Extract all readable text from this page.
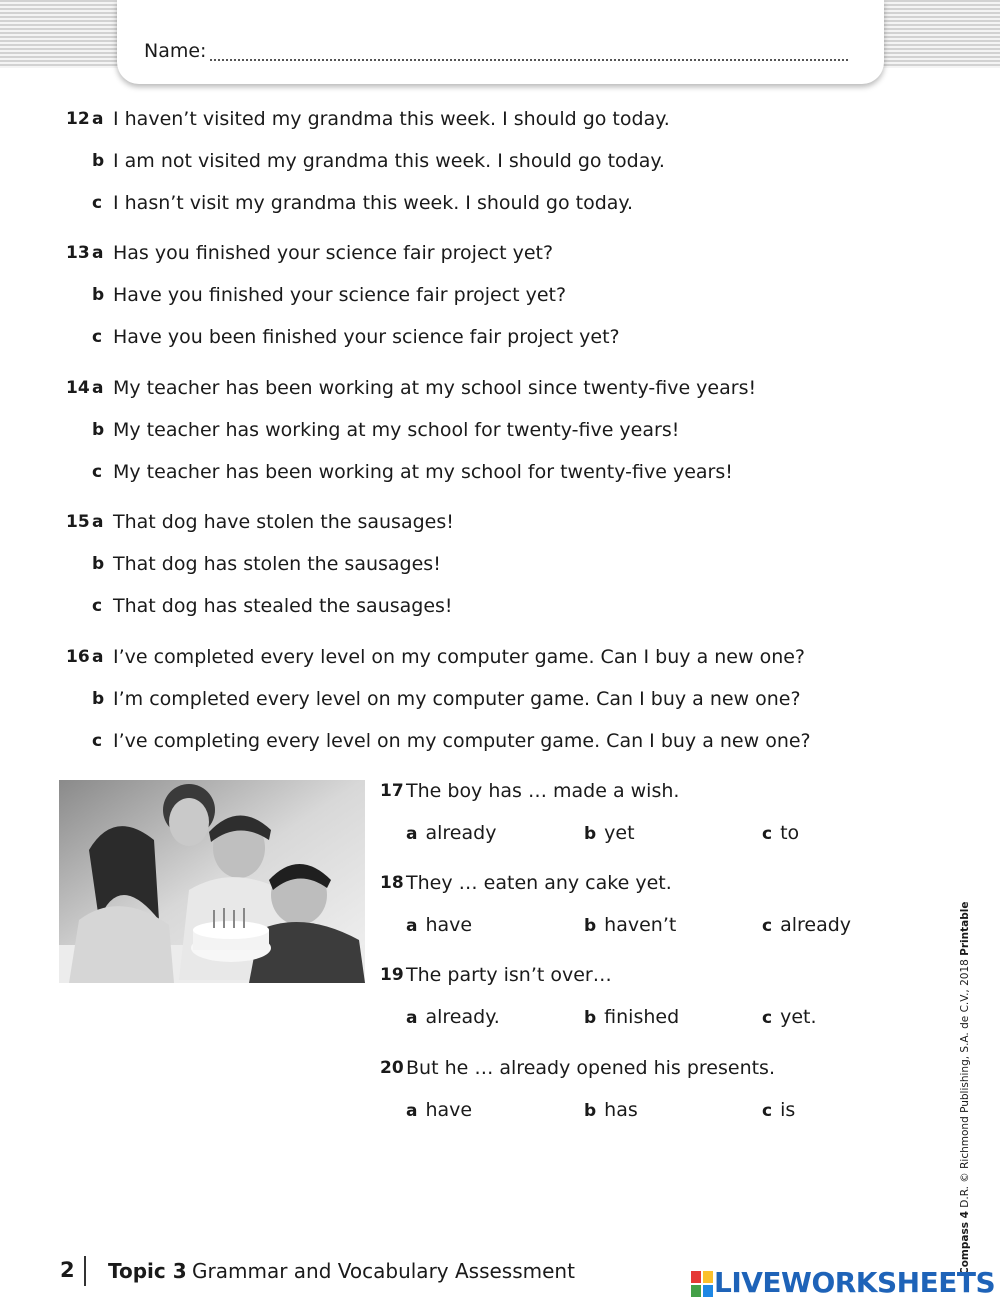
Name:
12 a I haven’t visited my grandma this week. I should go today.
b I am not visited my grandma this week. I should go today.
c I hasn’t visit my grandma this week. I should go today.
13 a Has you finished your science fair project yet?
b Have you finished your science fair project yet?
c Have you been finished your science fair project yet?
14 a My teacher has been working at my school since twenty-five years!
b My teacher has working at my school for twenty-five years!
c My teacher has been working at my school for twenty-five years!
15 a That dog have stolen the sausages!
b That dog has stolen the sausages!
c That dog has stealed the sausages!
16 a I’ve completed every level on my computer game. Can I buy a new one?
b I’m completed every level on my computer game. Can I buy a new one?
c I’ve completing every level on my computer game. Can I buy a new one?
17 The boy has … made a wish.
a already	b yet	c to
18 They … eaten any cake yet.
a have	b haven’t	c already
19 The party isn’t over…
a already.	b finished	c yet.
20 But he … already opened his presents.
a have	b has	c is
Compass 4 D.R. © Richmond Publishing, S.A. de C.V., 2018 Printable
2 Topic 3 Grammar and Vocabulary Assessment	LIVEWORKSHEETS
